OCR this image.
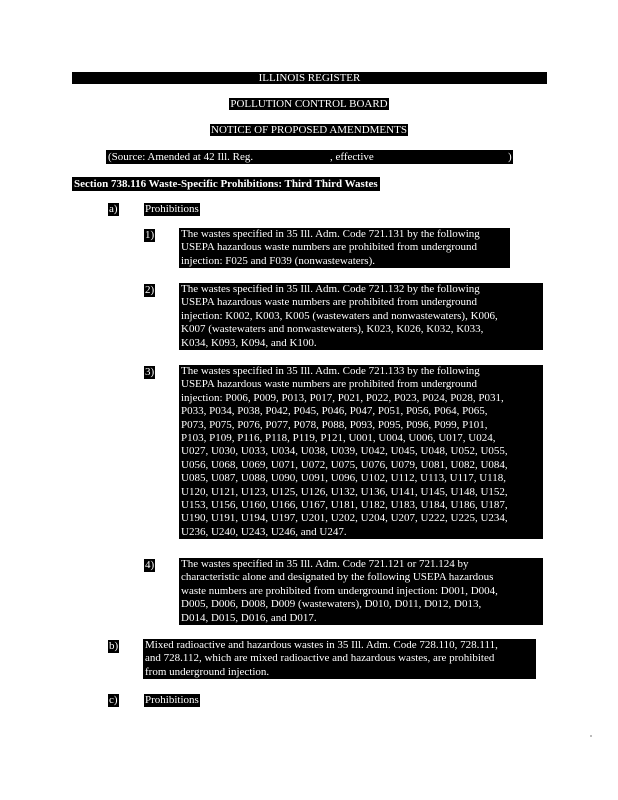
ILLINOIS REGISTER
POLLUTION CONTROL BOARD
NOTICE OF PROPOSED AMENDMENTS
(Source: Amended at 42 Ill. Reg.	, effective	)
Section 738.116 Waste-Specific Prohibitions: Third Third Wastes
a) Prohibitions
1) The wastes specified in 35 Ill. Adm. Code 721.131 by the following

USEPA hazardous waste numbers are prohibited from underground

injection: F025 and F039 (nonwastewaters).

2) The wastes specified in 35 Ill. Adm. Code 721.132 by the following

USEPA hazardous waste numbers are prohibited from underground

injection: K002, K003, K005 (wastewaters and nonwastewaters), K006,

K007 (wastewaters and nonwastewaters), K023, K026, K032, K033,

K034, K093, K094, and K100.

3) The wastes specified in 35 Ill. Adm. Code 721.133 by the following

USEPA hazardous waste numbers are prohibited from underground

injection: P006, P009, P013, P017, P021, P022, P023, P024, P028, P031,

P033, P034, P038, P042, P045, P046, P047, P051, P056, P064, P065,

P073, P075, P076, P077, P078, P088, P093, P095, P096, P099, P101,

P103, P109, P116, P118, P119, P121, U001, U004, U006, U017, U024,

U027, U030, U033, U034, U038, U039, U042, U045, U048, U052, U055,

U056, U068, U069, U071, U072, U075, U076, U079, U081, U082, U084,

U085, U087, U088, U090, U091, U096, U102, U112, U113, U117, U118,

U120, U121, U123, U125, U126, U132, U136, U141, U145, U148, U152,

U153, U156, U160, U166, U167, U181, U182, U183, U184, U186, U187,

U190, U191, U194, U197, U201, U202, U204, U207, U222, U225, U234,

U236, U240, U243, U246, and U247.

4) The wastes specified in 35 Ill. Adm. Code 721.121 or 721.124 by

characteristic alone and designated by the following USEPA hazardous

waste numbers are prohibited from underground injection: D001, D004,

D005, D006, D008, D009 (wastewaters), D010, D011, D012, D013,

D014, D015, D016, and D017.

b) Mixed radioactive and hazardous wastes in 35 Ill. Adm. Code 728.110, 728.111,

and 728.112, which are mixed radioactive and hazardous wastes, are prohibited

from underground injection.

c) Prohibitions
